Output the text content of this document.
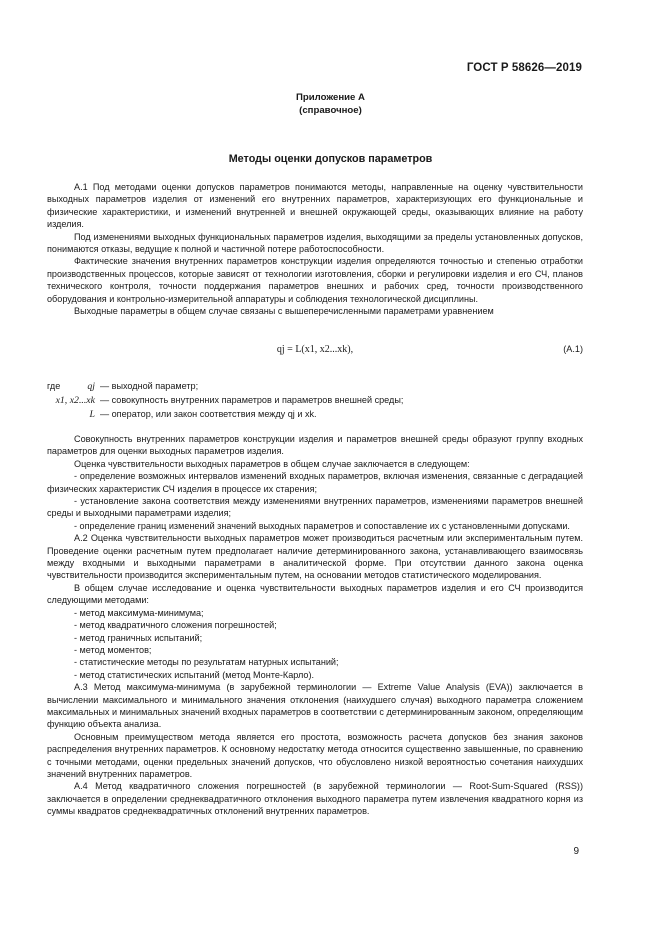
ГОСТ Р 58626—2019
Приложение А
(справочное)
Методы оценки допусков параметров

А.1 Под методами оценки допусков параметров понимаются методы, направленные на оценку чувствительности выходных параметров изделия от изменений его внутренних параметров, характеризующих его функциональные и физические характеристики, и изменений внутренней и внешней окружающей среды, оказывающих влияние на работу изделия.

Под изменениями выходных функциональных параметров изделия, выходящими за пределы установленных допусков, понимаются отказы, ведущие к полной и частичной потере работоспособности.

Фактические значения внутренних параметров конструкции изделия определяются точностью и степенью отработки производственных процессов, которые зависят от технологии изготовления, сборки и регулировки изделия и его СЧ, планов технического контроля, точности поддержания параметров внешних и рабочих сред, точности производственного оборудования и контрольно-измерительной аппаратуры и соблюдения технологической дисциплины.

Выходные параметры в общем случае связаны с вышеперечисленными параметрами уравнением

qj = L(x1, x2...xk),	(А.1)
где	qj — выходной параметр;
x1, x2...xk — совокупность внутренних параметров и параметров внешней среды;
L — оператор, или закон соответствия между qj и xk.

Совокупность внутренних параметров конструкции изделия и параметров внешней среды образуют группу входных параметров для оценки выходных параметров изделия.

Оценка чувствительности выходных параметров в общем случае заключается в следующем:

- определение возможных интервалов изменений входных параметров, включая изменения, связанные с деградацией физических характеристик СЧ изделия в процессе их старения;

- установление закона соответствия между изменениями внутренних параметров, изменениями параметров внешней среды и выходными параметрами изделия;

- определение границ изменений значений выходных параметров и сопоставление их с установленными допусками.

А.2 Оценка чувствительности выходных параметров может производиться расчетным или экспериментальным путем. Проведение оценки расчетным путем предполагает наличие детерминированного закона, устанавливающего взаимосвязь между входными и выходными параметрами в аналитической форме. При отсутствии данного закона оценка чувствительности производится экспериментальным путем, на основании методов статистического моделирования.

В общем случае исследование и оценка чувствительности выходных параметров изделия и его СЧ производится следующими методами:

- метод максимума-минимума;

- метод квадратичного сложения погрешностей;

- метод граничных испытаний;

- метод моментов;

- статистические методы по результатам натурных испытаний;

- метод статистических испытаний (метод Монте-Карло).

А.3 Метод максимума-минимума (в зарубежной терминологии — Extreme Value Analysis (EVA)) заключается в вычислении максимального и минимального значения отклонения (наихудшего случая) выходного параметра сложением максимальных и минимальных значений входных параметров в соответствии с детерминированным законом, определяющим функцию объекта анализа.

Основным преимуществом метода является его простота, возможность расчета допусков без знания законов распределения внутренних параметров. К основному недостатку метода относится существенно завышенные, по сравнению с точными методами, оценки предельных значений допусков, что обусловлено низкой вероятностью сочетания наихудших значений внутренних параметров.

А.4 Метод квадратичного сложения погрешностей (в зарубежной терминологии — Root-Sum-Squared (RSS)) заключается в определении среднеквадратичного отклонения выходного параметра путем извлечения квадратного корня из суммы квадратов среднеквадратичных отклонений внутренних параметров.

9
